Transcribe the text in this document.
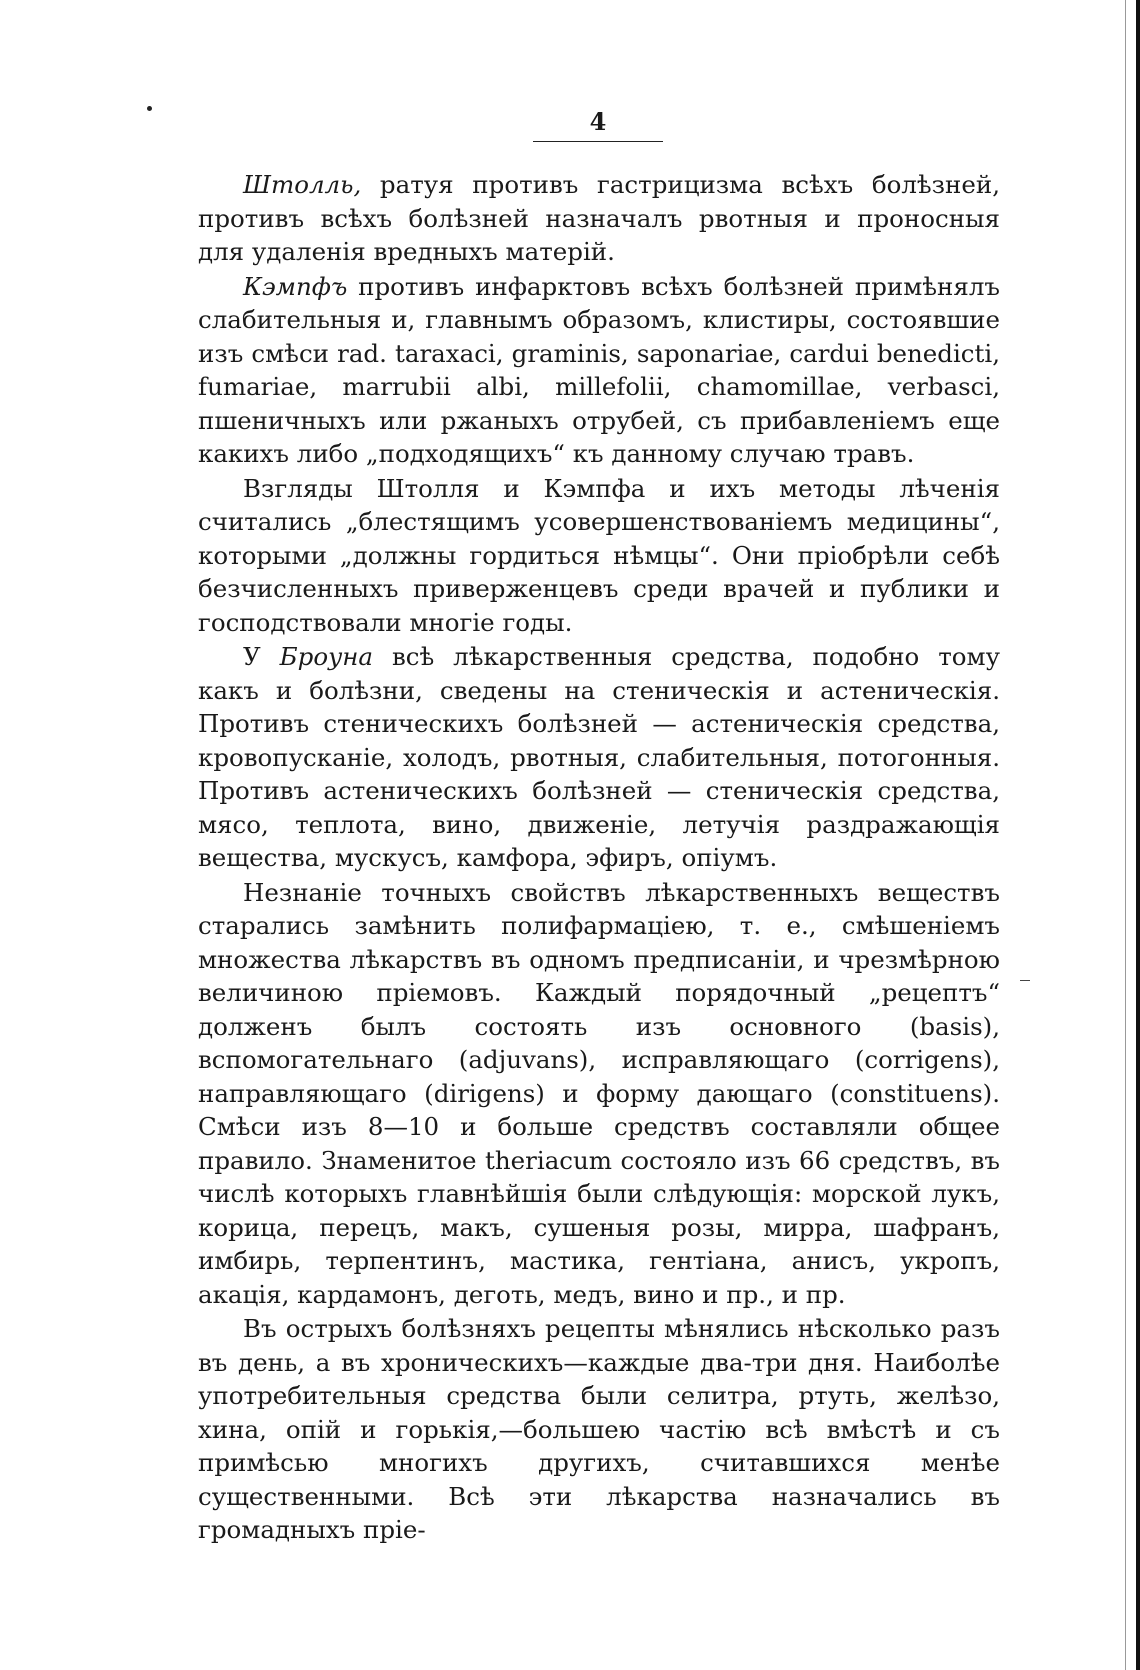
4

Штолль, ратуя противъ гастрицизма всѣхъ болѣзней, противъ всѣхъ болѣзней назначалъ рвотныя и проносныя для удаленія вредныхъ матерій.

Кэмпфъ противъ инфарктовъ всѣхъ болѣзней примѣнялъ слабительныя и, главнымъ образомъ, клистиры, состоявшие изъ смѣси rad. taraxaci, graminis, saponariae, cardui benedicti, fumariae, marrubii albi, millefolii, chamomillae, verbasci, пшеничныхъ или ржаныхъ отрубей, съ прибавленіемъ еще какихъ либо „подходящихъ“ къ данному случаю травъ.

Взгляды Штолля и Кэмпфа и ихъ методы лѣченія считались „блестящимъ усовершенствованіемъ медицины“, которыми „должны гордиться нѣмцы“. Они пріобрѣли себѣ безчисленныхъ приверженцевъ среди врачей и публики и господствовали многіе годы.

У Броуна всѣ лѣкарственныя средства, подобно тому какъ и болѣзни, сведены на стеническія и астеническія. Противъ стеническихъ болѣзней — астеническія средства, кровопусканіе, холодъ, рвотныя, слабительныя, потогонныя. Противъ астеническихъ болѣзней — стеническія средства, мясо, теплота, вино, движеніе, летучія раздражающія вещества, мускусъ, камфора, эфиръ, опіумъ.

Незнаніе точныхъ свойствъ лѣкарственныхъ веществъ старались замѣнить полифармаціею, т. е., смѣшеніемъ множества лѣкарствъ въ одномъ предписаніи, и чрезмѣрною величиною пріемовъ. Каждый порядочный „рецептъ“ долженъ былъ состоять изъ основного (basis), вспомогательнаго (adjuvans), исправляющаго (corrigens), направляющаго (dirigens) и форму дающаго (constituens). Смѣси изъ 8—10 и больше средствъ составляли общее правило. Знаменитое theriacum состояло изъ 66 средствъ, въ числѣ которыхъ главнѣйшія были слѣдующія: морской лукъ, корица, перецъ, макъ, сушеныя розы, мирра, шафранъ, имбирь, терпентинъ, мастика, гентіана, анисъ, укропъ, акація, кардамонъ, деготь, медъ, вино и пр., и пр.

Въ острыхъ болѣзняхъ рецепты мѣнялись нѣсколько разъ въ день, а въ хроническихъ—каждые два-три дня. Наиболѣе употребительныя средства были селитра, ртуть, желѣзо, хина, опій и горькія,—большею частію всѣ вмѣстѣ и съ примѣсью многихъ другихъ, считавшихся менѣе существенными. Всѣ эти лѣкарства назначались въ громадныхъ пріе-
